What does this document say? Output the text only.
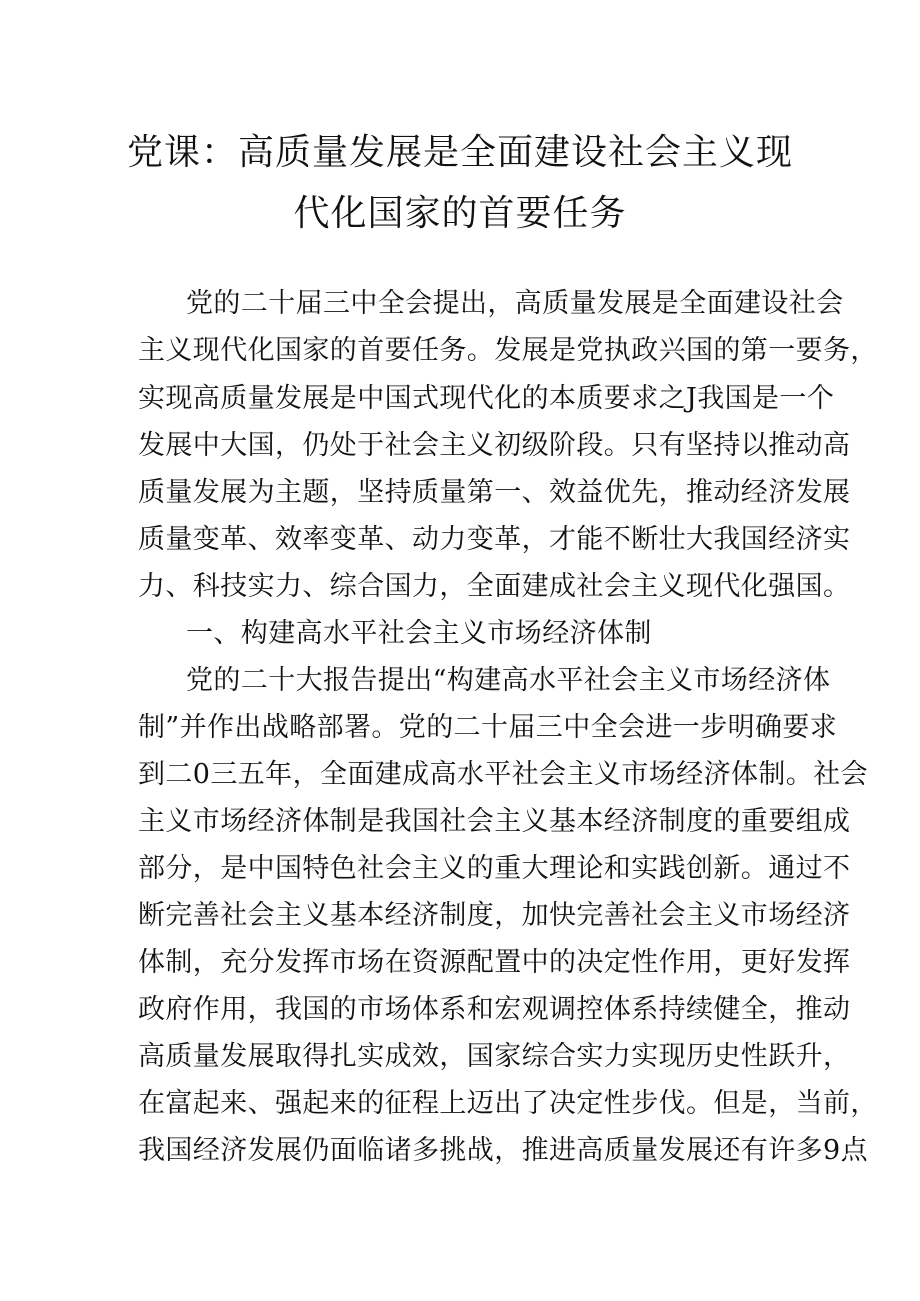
党课：高质量发展是全面建设社会主义现
代化国家的首要任务
党的二十届三中全会提出，高质量发展是全面建设社会
主义现代化国家的首要任务。发展是党执政兴国的第一要务，
实现高质量发展是中国式现代化的本质要求之J我国是一个
发展中大国，仍处于社会主义初级阶段。只有坚持以推动高
质量发展为主题，坚持质量第一、效益优先，推动经济发展
质量变革、效率变革、动力变革，才能不断壮大我国经济实
力、科技实力、综合国力，全面建成社会主义现代化强国。
一、构建高水平社会主义市场经济体制
党的二十大报告提出“构建高水平社会主义市场经济体
制”并作出战略部署。党的二十届三中全会进一步明确要求
到二0三五年，全面建成高水平社会主义市场经济体制。社会
主义市场经济体制是我国社会主义基本经济制度的重要组成
部分，是中国特色社会主义的重大理论和实践创新。通过不
断完善社会主义基本经济制度，加快完善社会主义市场经济
体制，充分发挥市场在资源配置中的决定性作用，更好发挥
政府作用，我国的市场体系和宏观调控体系持续健全，推动
高质量发展取得扎实成效，国家综合实力实现历史性跃升，
在富起来、强起来的征程上迈出了决定性步伐。但是，当前，
我国经济发展仍面临诸多挑战，推进高质量发展还有许多9点
